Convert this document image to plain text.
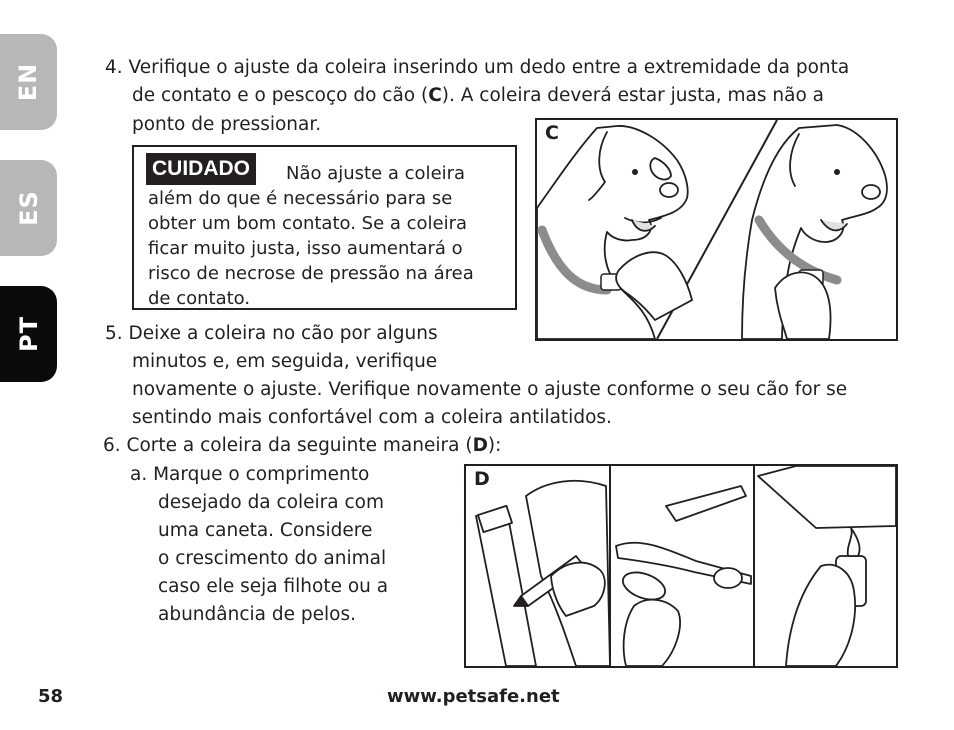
EN
ES
PT

4. Verifique o ajuste da coleira inserindo um dedo entre a extremidade da ponta

de contato e o pescoço do cão (C). A coleira deverá estar justa, mas não a

ponto de pressionar.

CUIDADO	Não ajuste a coleira
além do que é necessário para se
obter um bom contato. Se a coleira
ficar muito justa, isso aumentará o
risco de necrose de pressão na área
de contato.
C

5. Deixe a coleira no cão por alguns

minutos e, em seguida, verifique

novamente o ajuste. Verifique novamente o ajuste conforme o seu cão for se

sentindo mais confortável com a coleira antilatidos.

6. Corte a coleira da seguinte maneira (D):

a. Marque o comprimento

desejado da coleira com

uma caneta. Considere

o crescimento do animal

caso ele seja filhote ou a

abundância de pelos.

D
58	www.petsafe.net
